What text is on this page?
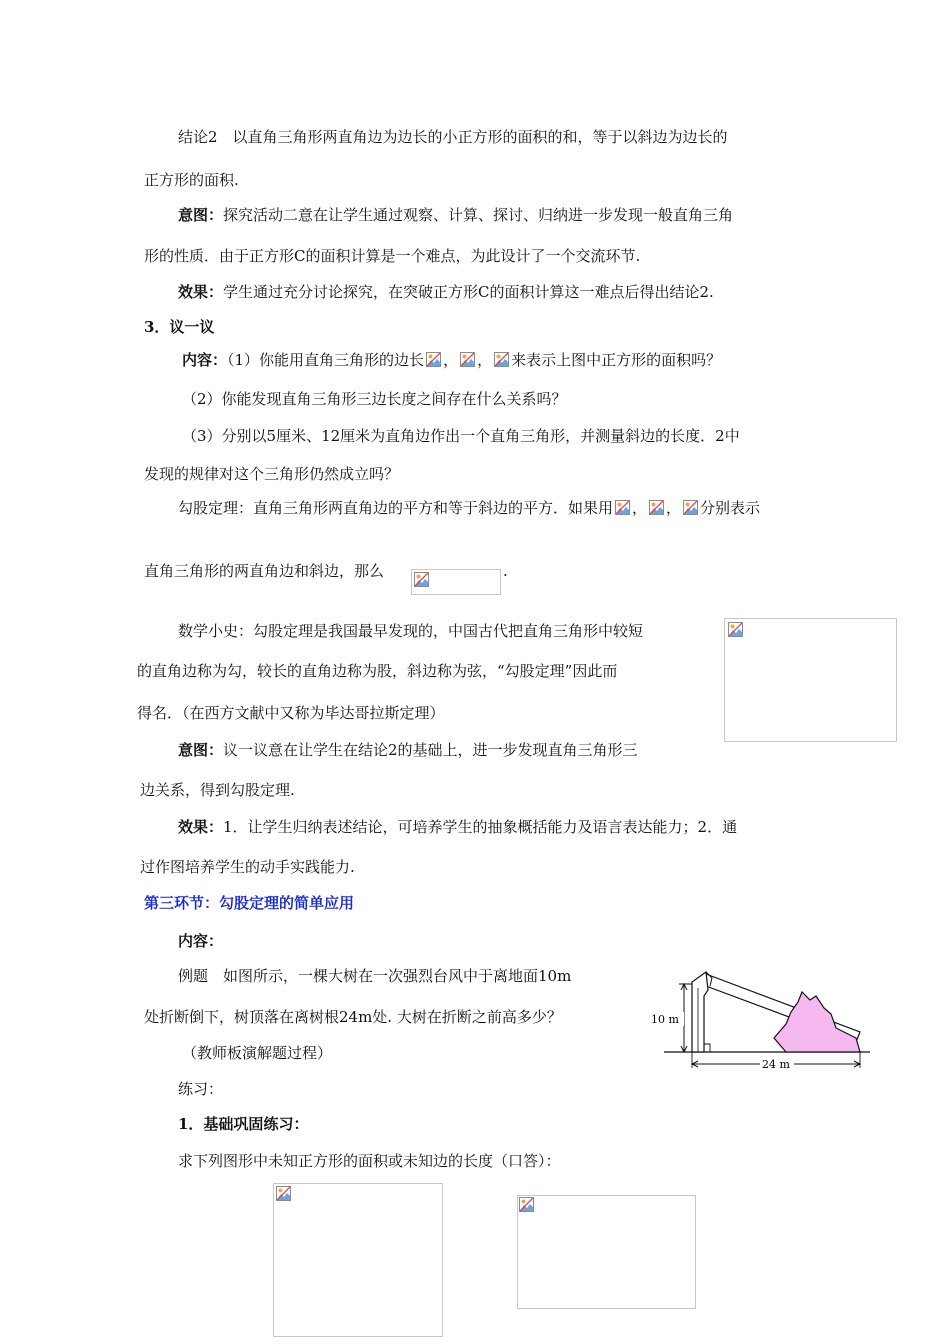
结论2　以直角三角形两直角边为边长的小正方形的面积的和，等于以斜边为边长的
正方形的面积.
意图：探究活动二意在让学生通过观察、计算、探讨、归纳进一步发现一般直角三角
形的性质．由于正方形C的面积计算是一个难点，为此设计了一个交流环节.
效果：学生通过充分讨论探究，在突破正方形C的面积计算这一难点后得出结论2.
3．议一议
内容：（1）你能用直角三角形的边长 ， ， 来表示上图中正方形的面积吗？
（2）你能发现直角三角形三边长度之间存在什么关系吗？
（3）分别以5厘米、12厘米为直角边作出一个直角三角形，并测量斜边的长度．2中
发现的规律对这个三角形仍然成立吗？
勾股定理：直角三角形两直角边的平方和等于斜边的平方．如果用 ， ， 分别表示
直角三角形的两直角边和斜边，那么	.
数学小史：勾股定理是我国最早发现的，中国古代把直角三角形中较短
的直角边称为勾，较长的直角边称为股，斜边称为弦，“勾股定理”因此而
得名．（在西方文献中又称为毕达哥拉斯定理）
意图：议一议意在让学生在结论2的基础上，进一步发现直角三角形三
边关系，得到勾股定理.
效果：1．让学生归纳表述结论，可培养学生的抽象概括能力及语言表达能力；2．通
过作图培养学生的动手实践能力.
第三环节：勾股定理的简单应用
内容：
例题　如图所示，一棵大树在一次强烈台风中于离地面10m
处折断倒下，树顶落在离树根24m处. 大树在折断之前高多少？
（教师板演解题过程）
练习：
1．基础巩固练习：
求下列图形中未知正方形的面积或未知边的长度（口答）：
10 m
24 m
